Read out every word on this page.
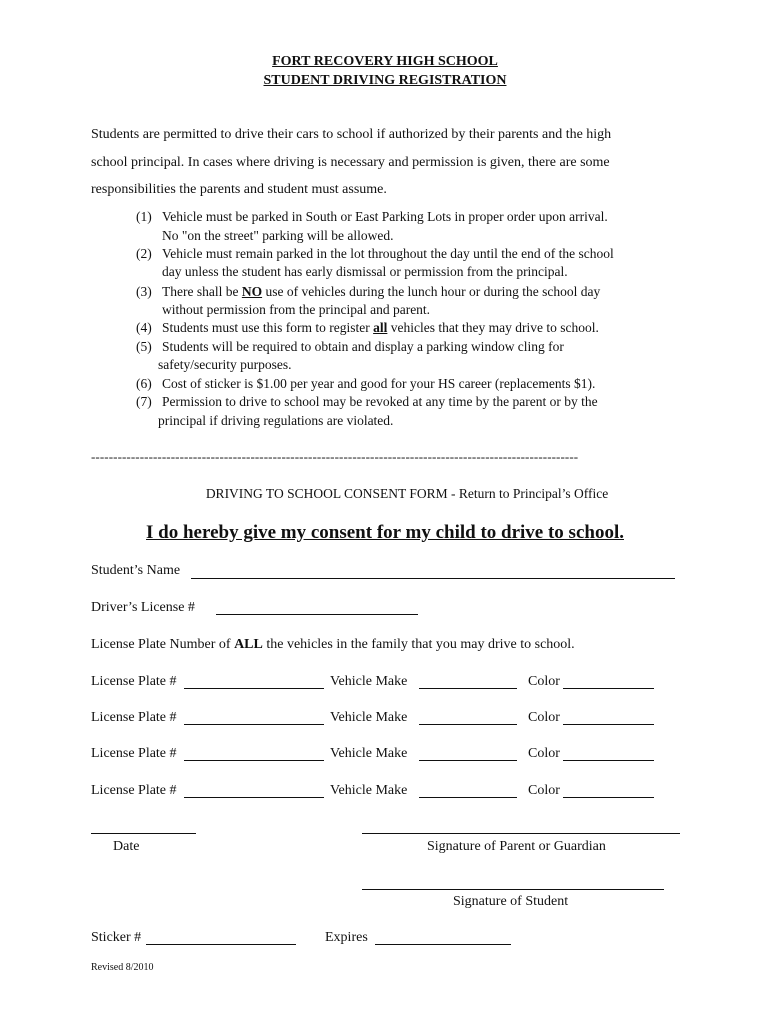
FORT RECOVERY HIGH SCHOOL
STUDENT DRIVING REGISTRATION
Students are permitted to drive their cars to school if authorized by their parents and the high
school principal. In cases where driving is necessary and permission is given, there are some
responsibilities the parents and student must assume.
(1) Vehicle must be parked in South or East Parking Lots in proper order upon arrival.
No "on the street" parking will be allowed.
(2) Vehicle must remain parked in the lot throughout the day until the end of the school
day unless the student has early dismissal or permission from the principal.
(3) There shall be NO use of vehicles during the lunch hour or during the school day
without permission from the principal and parent.
(4) Students must use this form to register all vehicles that they may drive to school.
(5) Students will be required to obtain and display a parking window cling for
safety/security purposes.
(6) Cost of sticker is $1.00 per year and good for your HS career (replacements $1).
(7) Permission to drive to school may be revoked at any time by the parent or by the
principal if driving regulations are violated.
--------------------------------------------------------------------------------------------------------------
DRIVING TO SCHOOL CONSENT FORM - Return to Principal’s Office
I do hereby give my consent for my child to drive to school.
Student’s Name
Driver’s License #
License Plate Number of ALL the vehicles in the family that you may drive to school.
License Plate #	Vehicle Make	Color
License Plate #	Vehicle Make	Color
License Plate #	Vehicle Make	Color
License Plate #	Vehicle Make	Color
Date	Signature of Parent or Guardian
Signature of Student
Sticker #	Expires
Revised 8/2010
